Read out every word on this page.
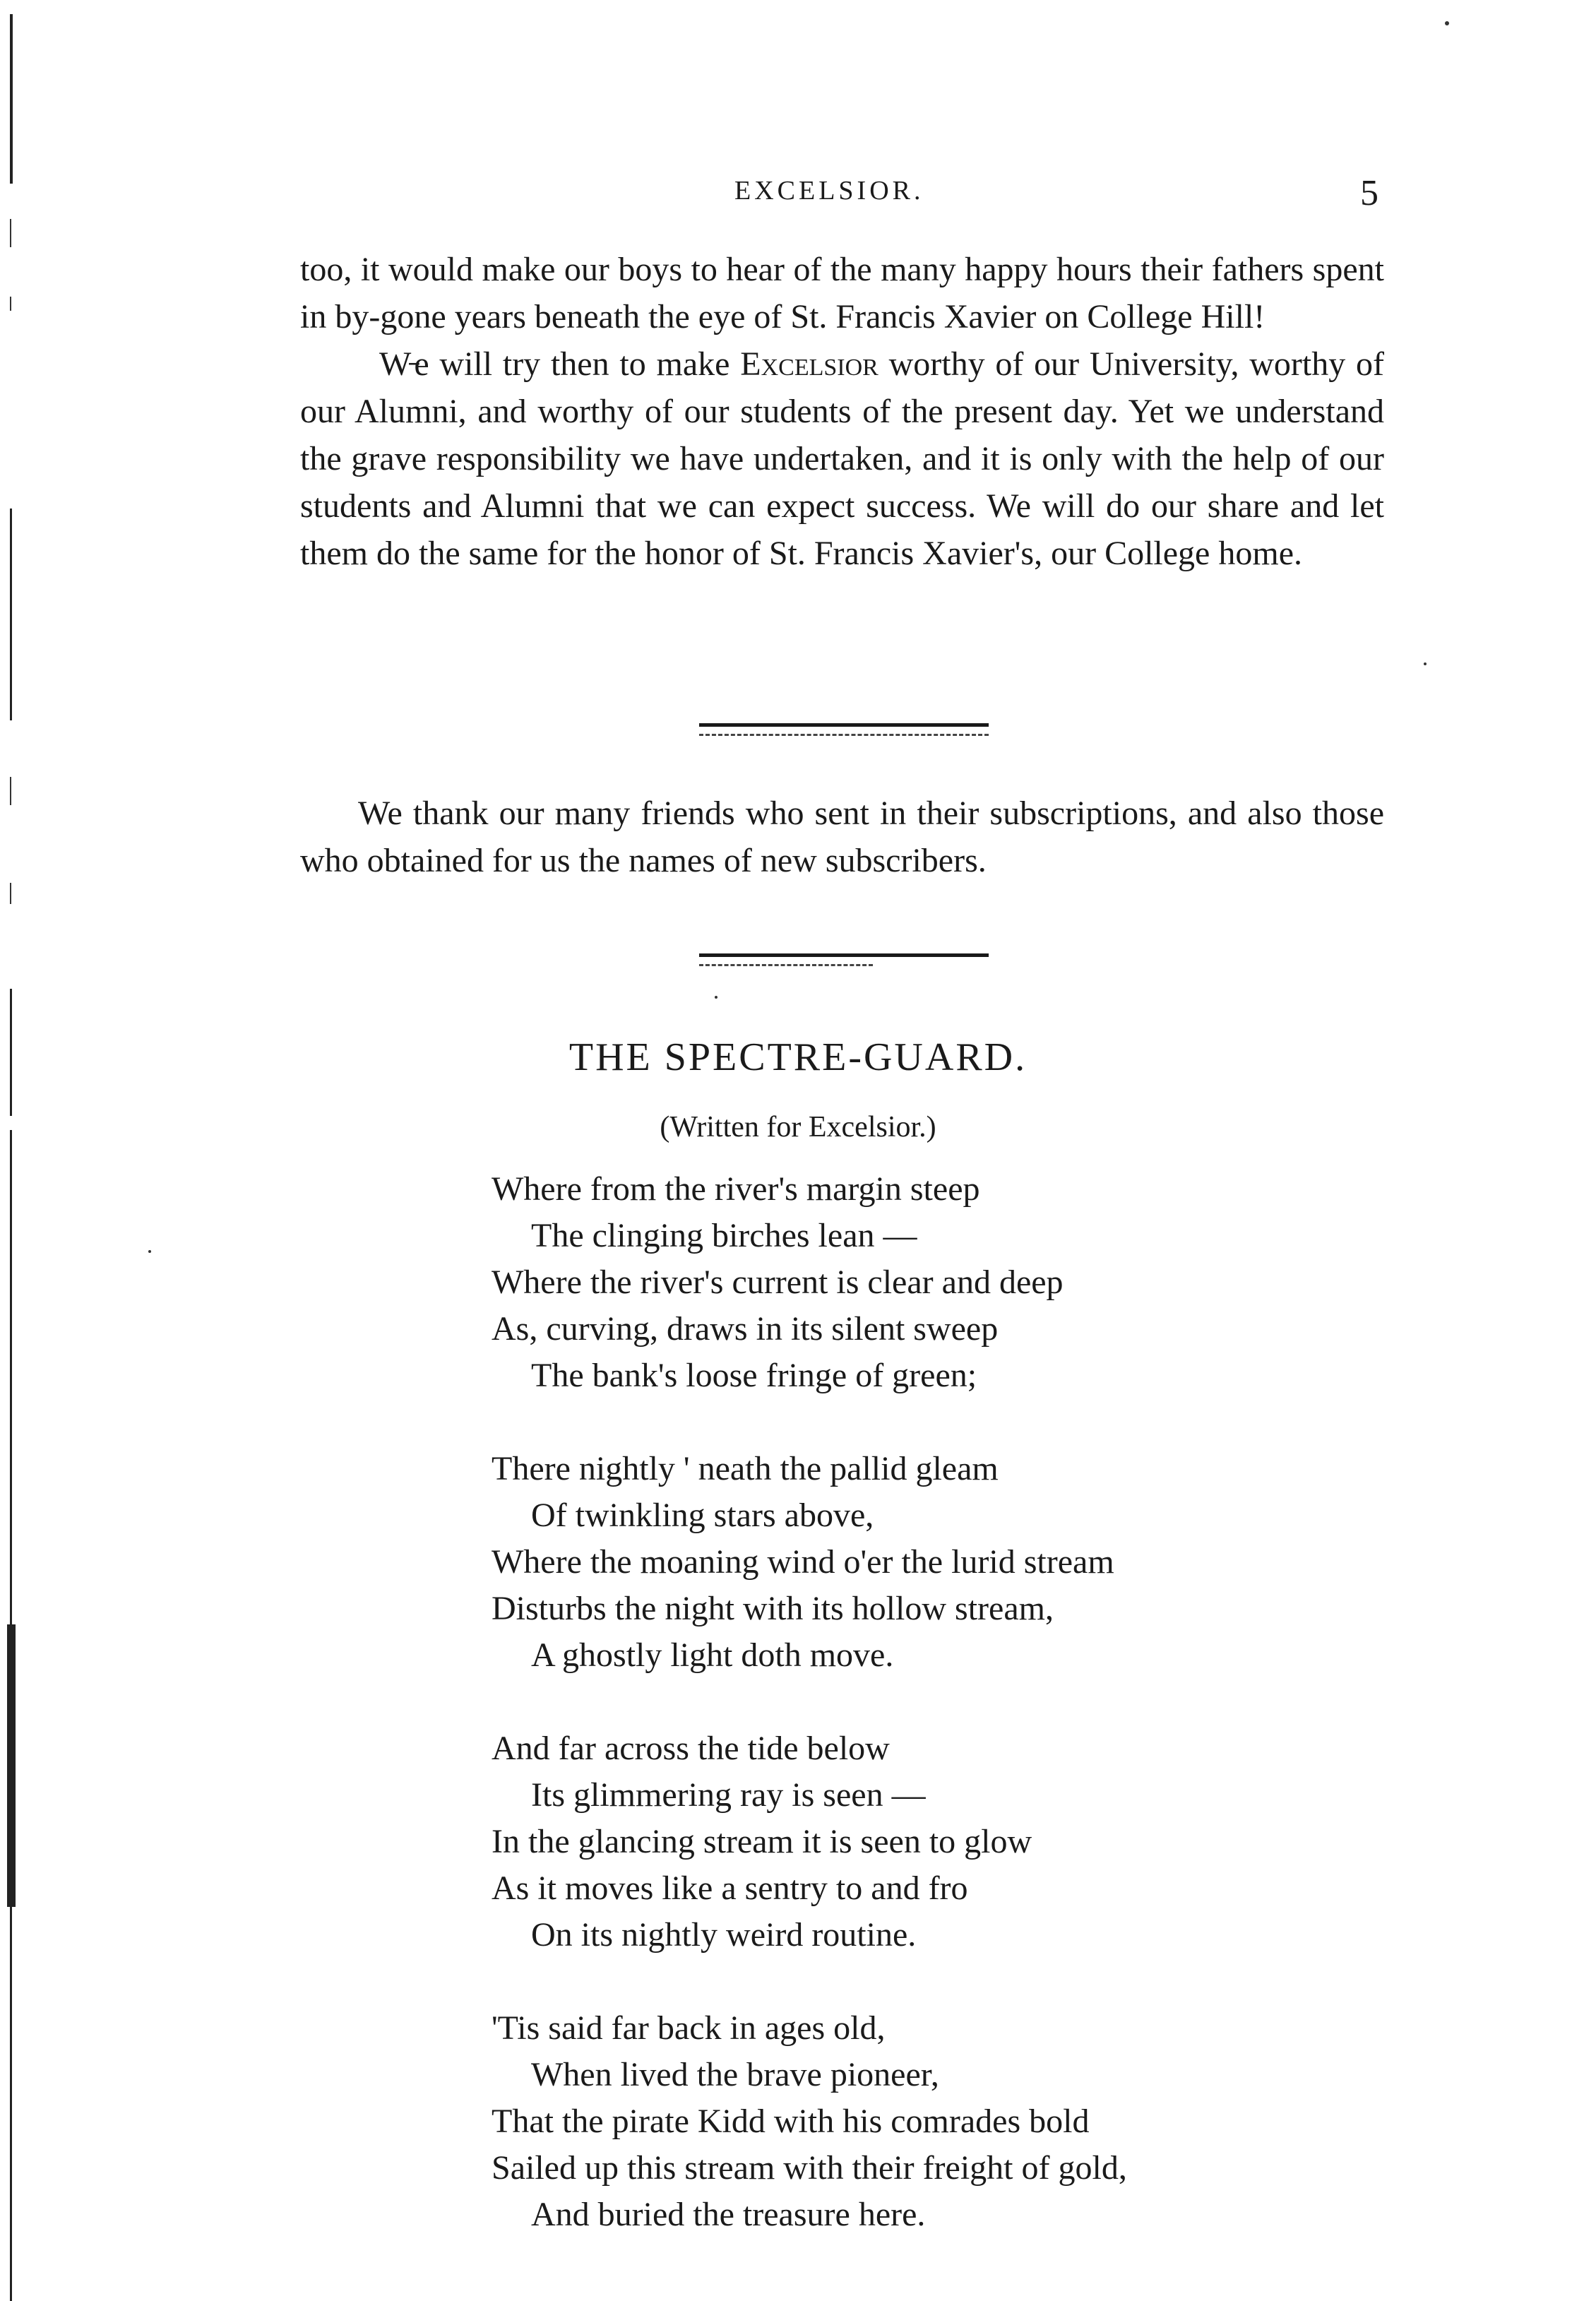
EXCELSIOR.	5

too, it would make our boys to hear of the many happy hours their fathers spent in by-gone years beneath the eye of St. Francis Xavier on College Hill!

W ̵e will try then to make Excelsior worthy of our University, worthy of our Alumni, and worthy of our students of the present day. Yet we understand the grave responsibility we have undertaken, and it is only with the help of our students and Alumni that we can expect success. We will do our share and let them do the same for the honor of St. Francis Xavier's, our College home.

We thank our many friends who sent in their subscriptions, and also those who obtained for us the names of new subscribers.

THE SPECTRE-GUARD.
(Written for Excelsior.)
Where from the river's margin steep
The clinging birches lean —
Where the river's current is clear and deep
As, curving, draws in its silent sweep
The bank's loose fringe of green;
There nightly ' neath the pallid gleam
Of twinkling stars above,
Where the moaning wind o'er the lurid stream
Disturbs the night with its hollow stream,
A ghostly light doth move.
And far across the tide below
Its glimmering ray is seen —
In the glancing stream it is seen to glow
As it moves like a sentry to and fro
On its nightly weird routine.
'Tis said far back in ages old,
When lived the brave pioneer,
That the pirate Kidd with his comrades bold
Sailed up this stream with their freight of gold,
And buried the treasure here.
